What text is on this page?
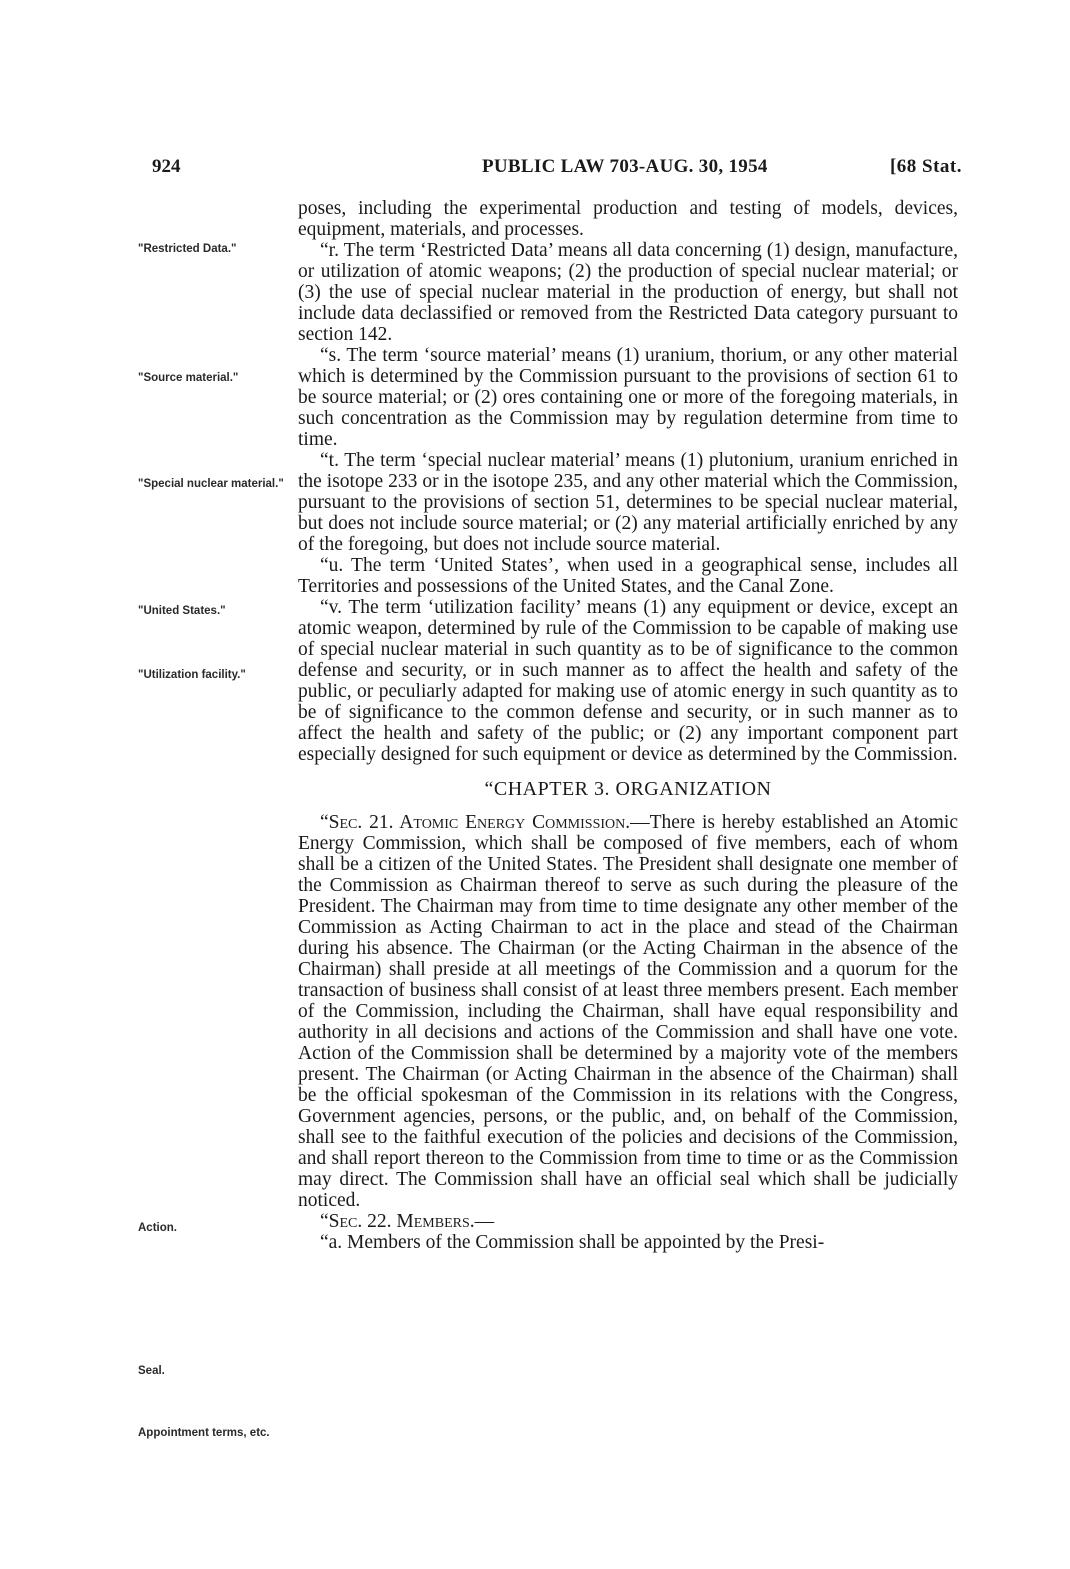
924	PUBLIC LAW 703-AUG. 30, 1954	[68 Stat.
"Restricted Data."
"Source material."
"Special nuclear material."
"United States."
"Utilization facility."
Action.
Seal.
Appointment terms, etc.

poses, including the experimental production and testing of models, devices, equipment, materials, and processes.

“r. The term ‘Restricted Data’ means all data concerning (1) design, manufacture, or utilization of atomic weapons; (2) the production of special nuclear material; or (3) the use of special nuclear material in the production of energy, but shall not include data declassified or removed from the Restricted Data category pursuant to section 142.

“s. The term ‘source material’ means (1) uranium, thorium, or any other material which is determined by the Commission pursuant to the provisions of section 61 to be source material; or (2) ores containing one or more of the foregoing materials, in such concentration as the Commission may by regulation determine from time to time.

“t. The term ‘special nuclear material’ means (1) plutonium, uranium enriched in the isotope 233 or in the isotope 235, and any other material which the Commission, pursuant to the provisions of section 51, determines to be special nuclear material, but does not include source material; or (2) any material artificially enriched by any of the foregoing, but does not include source material.

“u. The term ‘United States’, when used in a geographical sense, includes all Territories and possessions of the United States, and the Canal Zone.

“v. The term ‘utilization facility’ means (1) any equipment or device, except an atomic weapon, determined by rule of the Commission to be capable of making use of special nuclear material in such quantity as to be of significance to the common defense and security, or in such manner as to affect the health and safety of the public, or peculiarly adapted for making use of atomic energy in such quantity as to be of significance to the common defense and security, or in such manner as to affect the health and safety of the public; or (2) any important component part especially designed for such equipment or device as determined by the Commission.

“CHAPTER 3. ORGANIZATION

“Sec. 21. Atomic Energy Commission.—There is hereby established an Atomic Energy Commission, which shall be composed of five members, each of whom shall be a citizen of the United States. The President shall designate one member of the Commission as Chairman thereof to serve as such during the pleasure of the President. The Chairman may from time to time designate any other member of the Commission as Acting Chairman to act in the place and stead of the Chairman during his absence. The Chairman (or the Acting Chairman in the absence of the Chairman) shall preside at all meetings of the Commission and a quorum for the transaction of business shall consist of at least three members present. Each member of the Commission, including the Chairman, shall have equal responsibility and authority in all decisions and actions of the Commission and shall have one vote. Action of the Commission shall be determined by a majority vote of the members present. The Chairman (or Acting Chairman in the absence of the Chairman) shall be the official spokesman of the Commission in its relations with the Congress, Government agencies, persons, or the public, and, on behalf of the Commission, shall see to the faithful execution of the policies and decisions of the Commission, and shall report thereon to the Commission from time to time or as the Commission may direct. The Commission shall have an official seal which shall be judicially noticed.

“Sec. 22. Members.—

“a. Members of the Commission shall be appointed by the Presi-
